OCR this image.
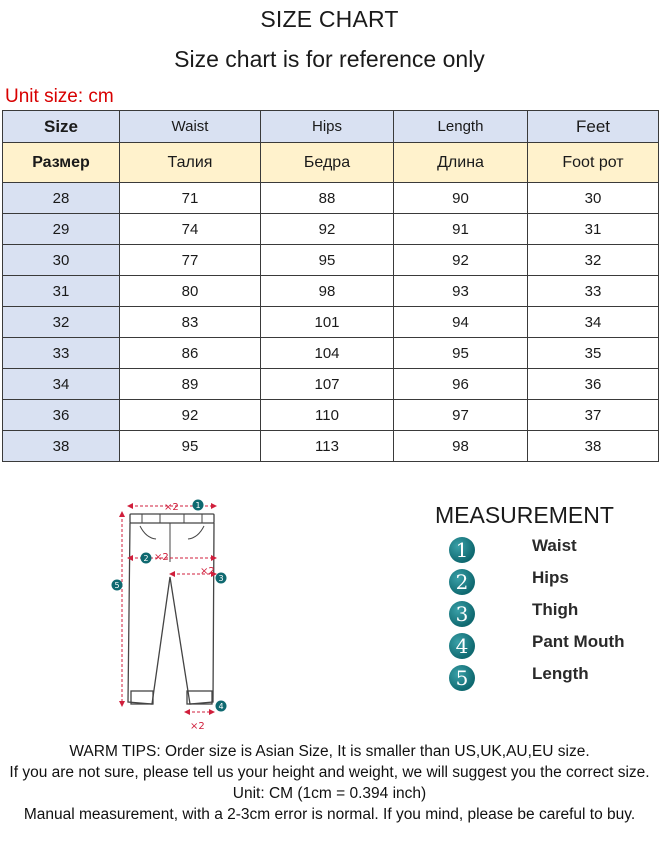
SIZE CHART
Size chart is for reference only
Unit size: cm
Size	Waist	Hips	Length	Feet
Размер	Талия	Бедра	Длина	Foot рот
28	71	88	90	30
29	74	92	91	31
30	77	95	92	32
31	80	98	93	33
32	83	101	94	34
33	86	104	95	35
34	89	107	96	36
36	92	110	97	37
38	95	113	98	38
×2
×2
×2
×2
1
2
3
4
5
MEASUREMENT
1	Waist
2	Hips
3	Thigh
4	Pant Mouth
5	Length
WARM TIPS: Order size is Asian Size, It is smaller than US,UK,AU,EU size.
If you are not sure, please tell us your height and weight, we will suggest you the correct size.
Unit: CM (1cm = 0.394 inch)
Manual measurement, with a 2-3cm error is normal. If you mind, please be careful to buy.
